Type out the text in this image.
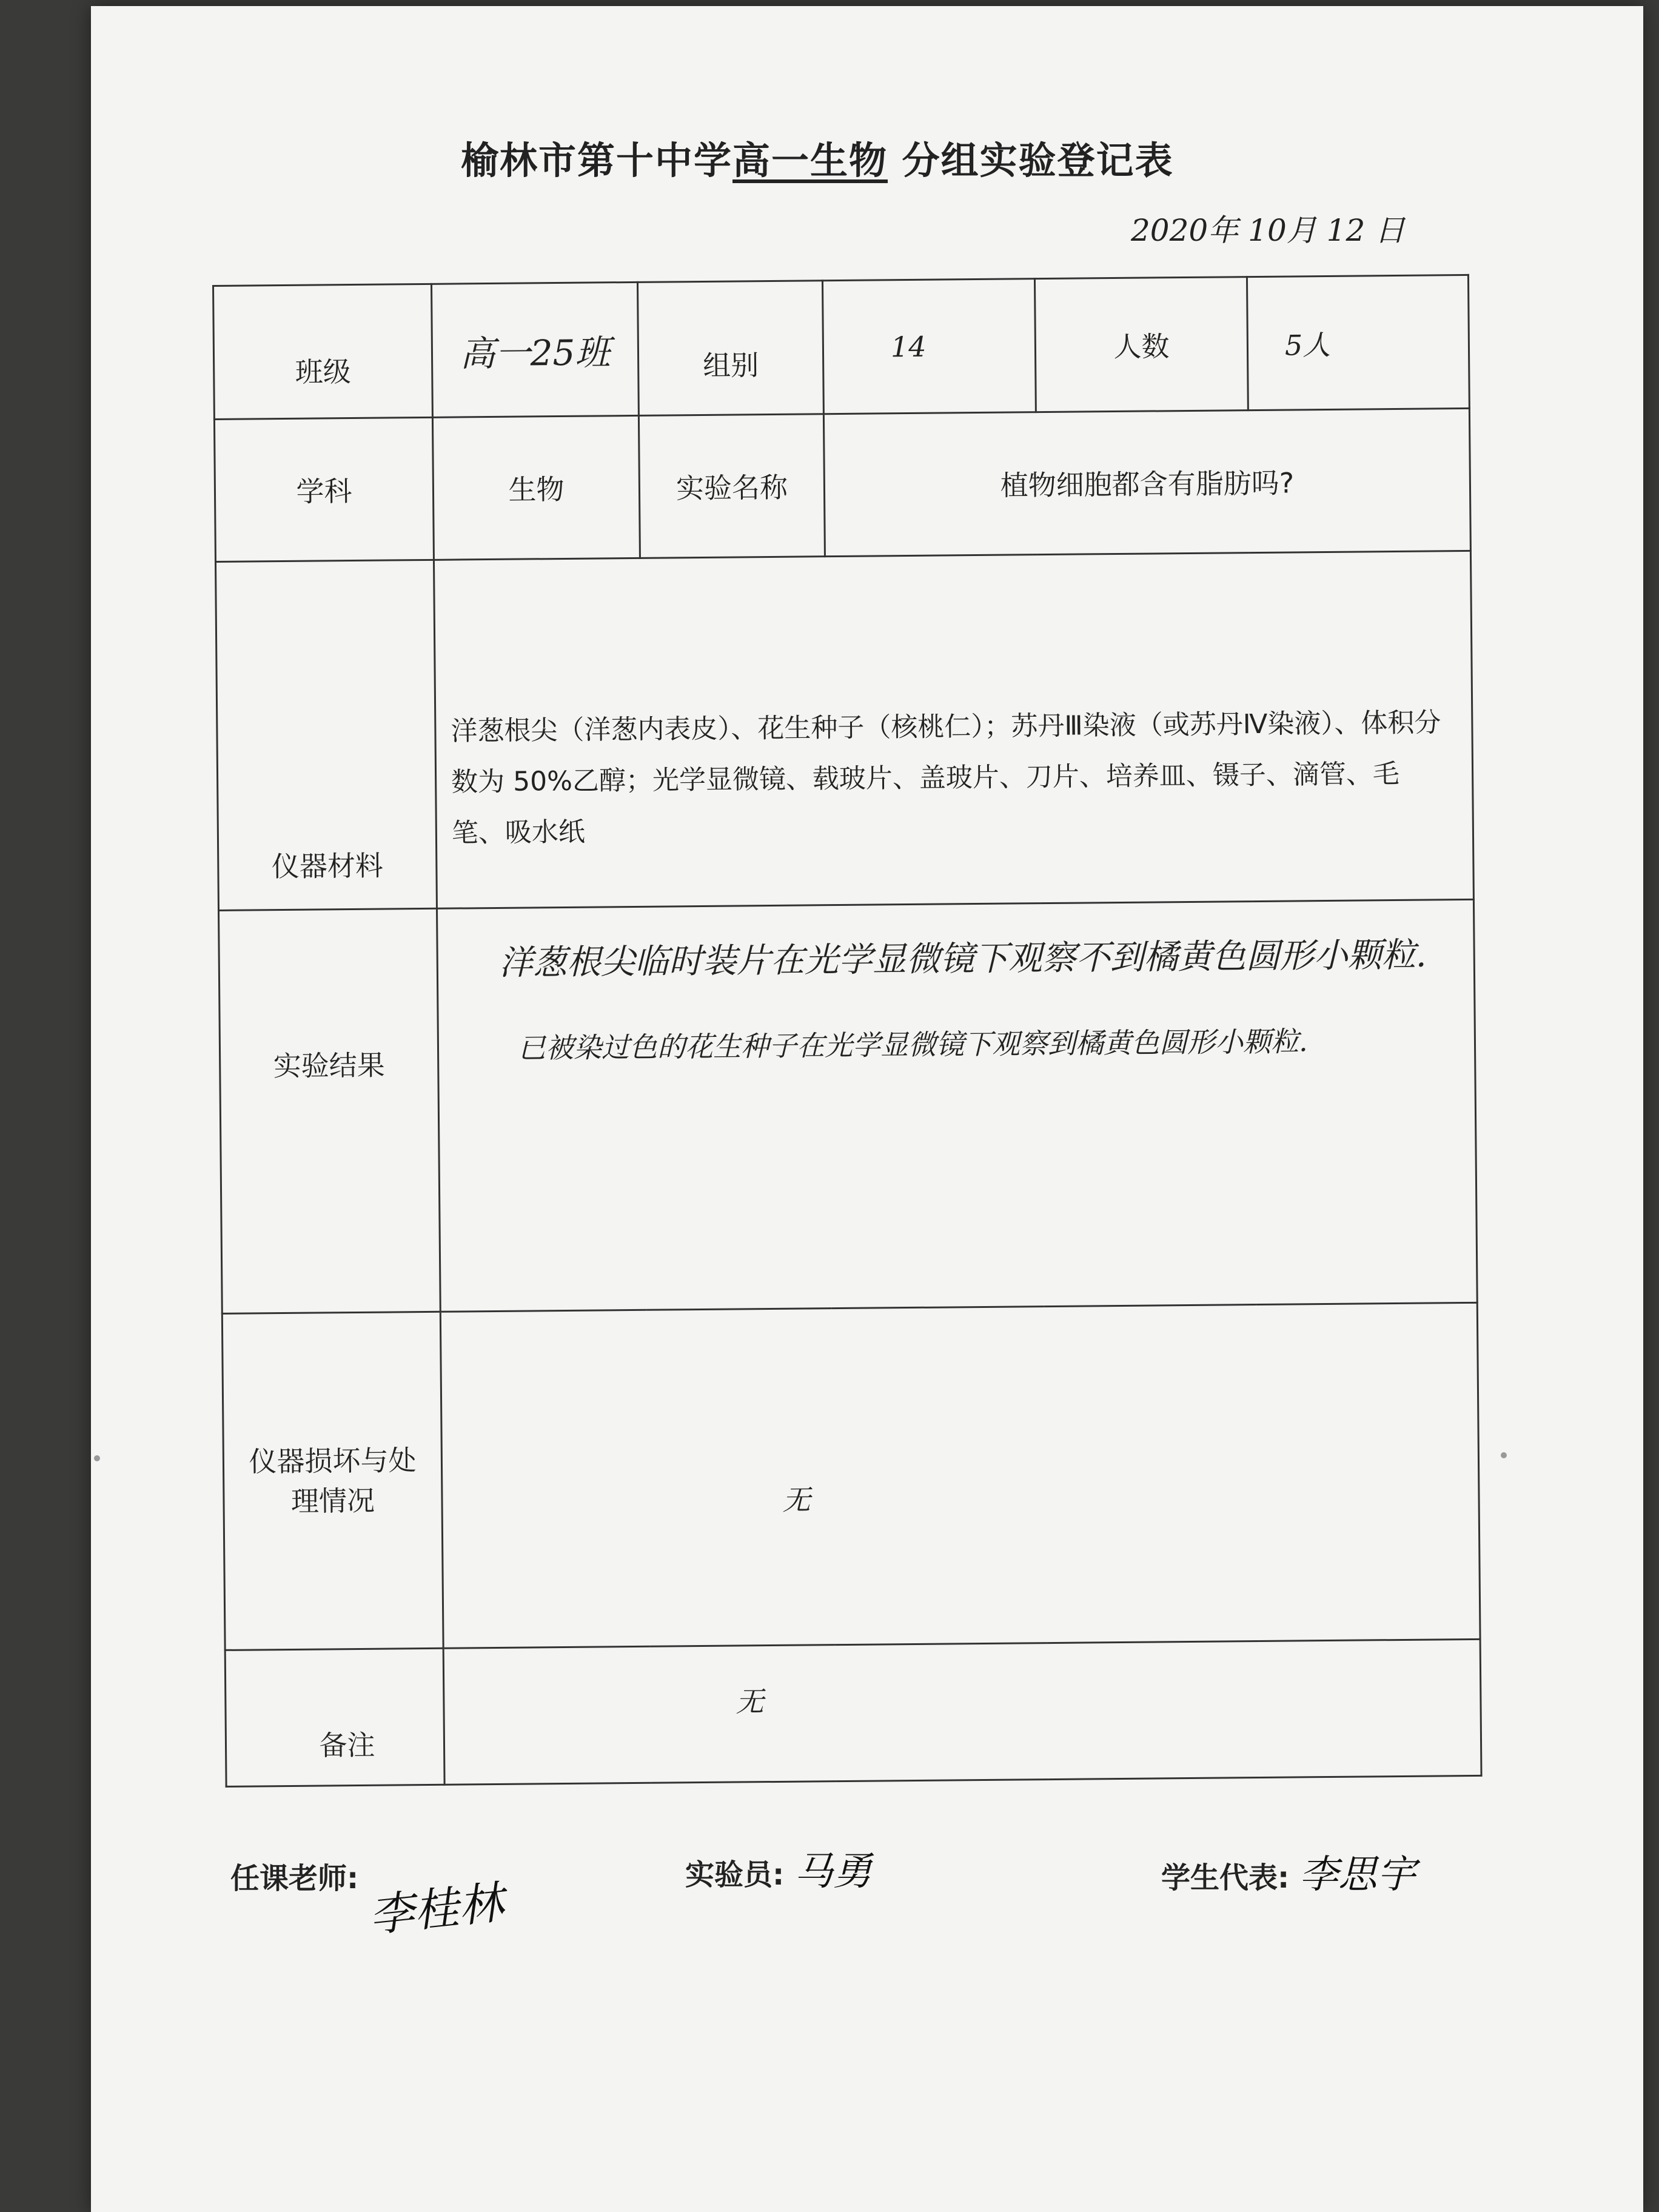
榆林市第十中学高一生物 分组实验登记表
2020年 10月 12 日
班级	高一25班	组别	14	人数	5人
学科	生物	实验名称	植物细胞都含有脂肪吗?		
仪器材料	洋葱根尖（洋葱内表皮）、花生种子（核桃仁）；苏丹Ⅲ染液（或苏丹Ⅳ染液）、体积分数为 50%乙醇；光学显微镜、载玻片、盖玻片、刀片、培养皿、镊子、滴管、毛笔、吸水纸				
实验结果	洋葱根尖临时装片在光学显微镜下观察不到橘黄色圆形小颗粒.

已被染过色的花生种子在光学显微镜下观察到橘黄色圆形小颗粒.				

仪器损坏与处理情况	无				
备注	无				
任课老师: 李桂林
实验员: 马勇	学生代表: 李思宇
